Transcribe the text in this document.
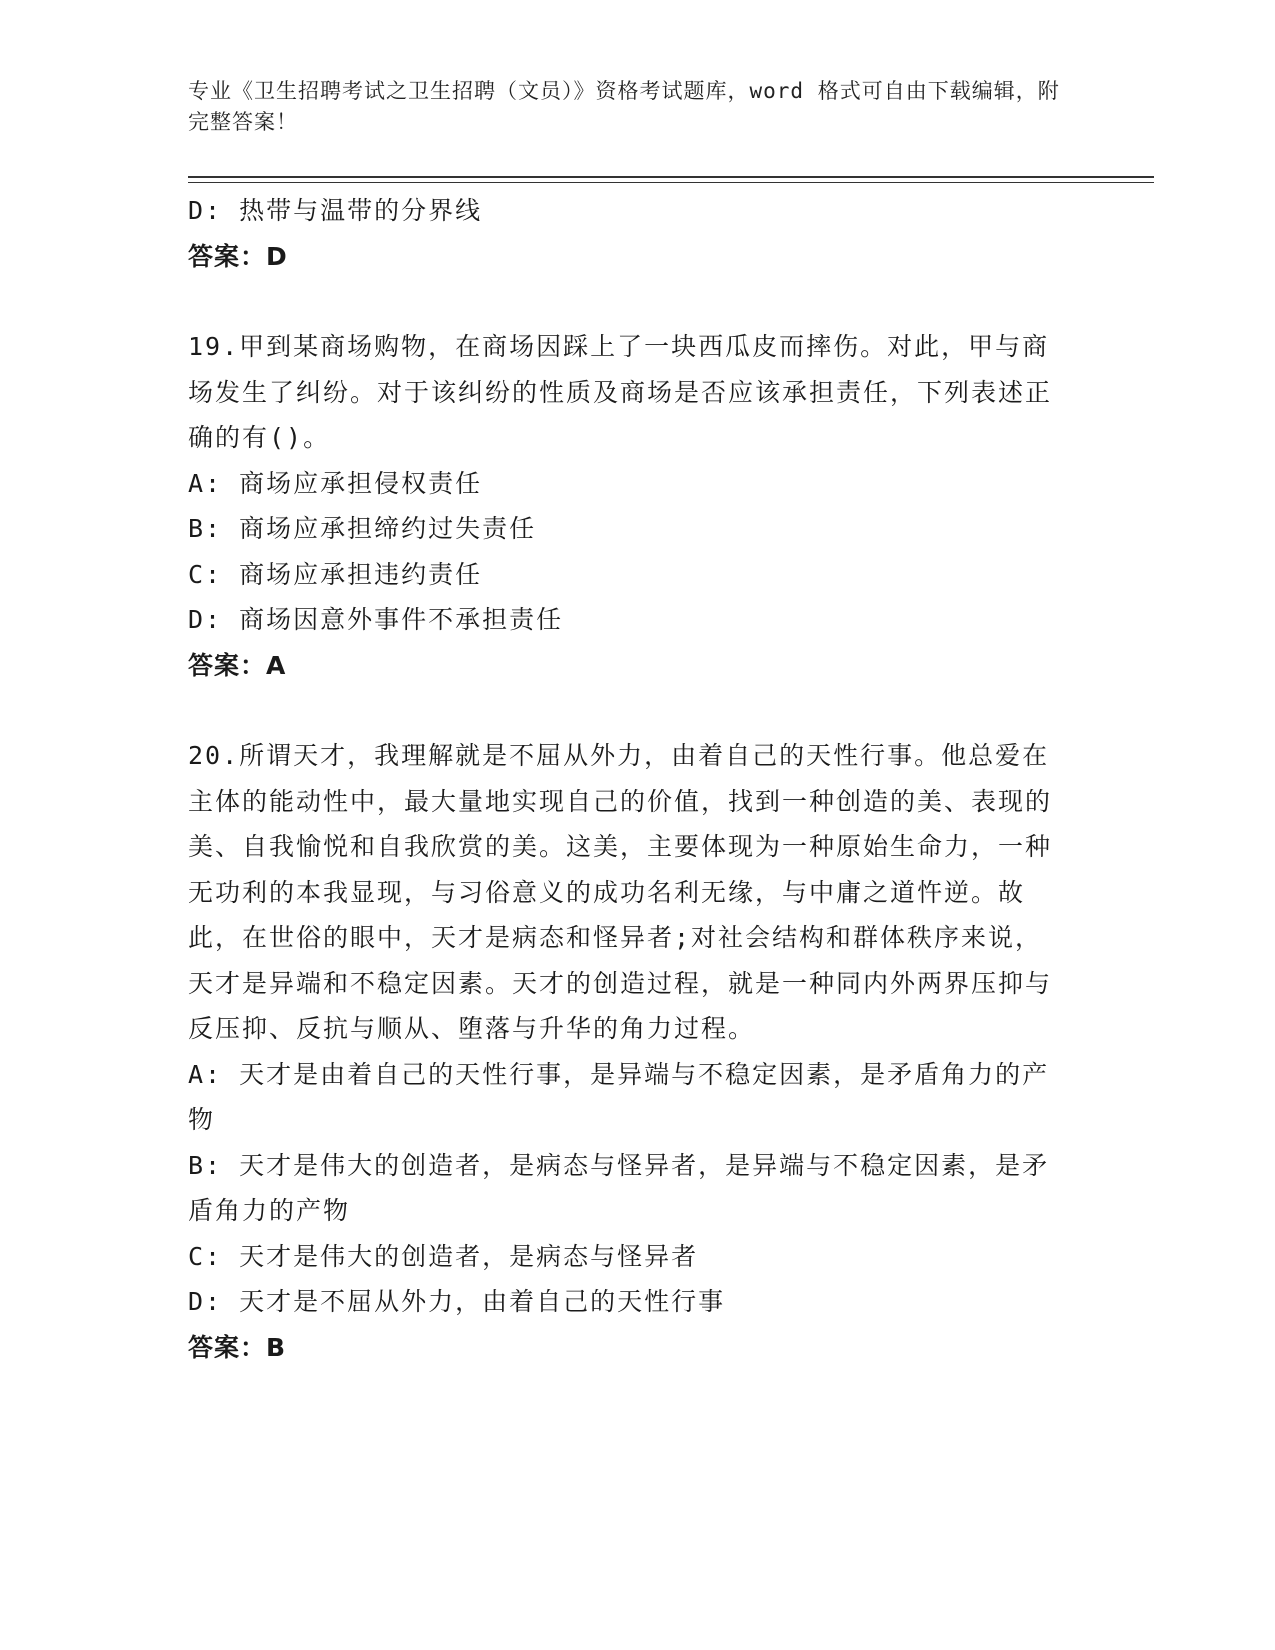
专业《卫生招聘考试之卫生招聘（文员）》资格考试题库，word 格式可自由下载编辑，附完整答案！

D: 热带与温带的分界线

答案：D

19.甲到某商场购物，在商场因踩上了一块西瓜皮而摔伤。对此，甲与商场发生了纠纷。对于该纠纷的性质及商场是否应该承担责任，下列表述正确的有()。

A: 商场应承担侵权责任

B: 商场应承担缔约过失责任

C: 商场应承担违约责任

D: 商场因意外事件不承担责任

答案：A

20.所谓天才，我理解就是不屈从外力，由着自己的天性行事。他总爱在主体的能动性中，最大量地实现自己的价值，找到一种创造的美、表现的美、自我愉悦和自我欣赏的美。这美，主要体现为一种原始生命力，一种无功利的本我显现，与习俗意义的成功名利无缘，与中庸之道忤逆。故此，在世俗的眼中，天才是病态和怪异者;对社会结构和群体秩序来说，天才是异端和不稳定因素。天才的创造过程，就是一种同内外两界压抑与反压抑、反抗与顺从、堕落与升华的角力过程。

A: 天才是由着自己的天性行事，是异端与不稳定因素，是矛盾角力的产物

B: 天才是伟大的创造者，是病态与怪异者，是异端与不稳定因素，是矛盾角力的产物

C: 天才是伟大的创造者，是病态与怪异者

D: 天才是不屈从外力，由着自己的天性行事

答案：B
